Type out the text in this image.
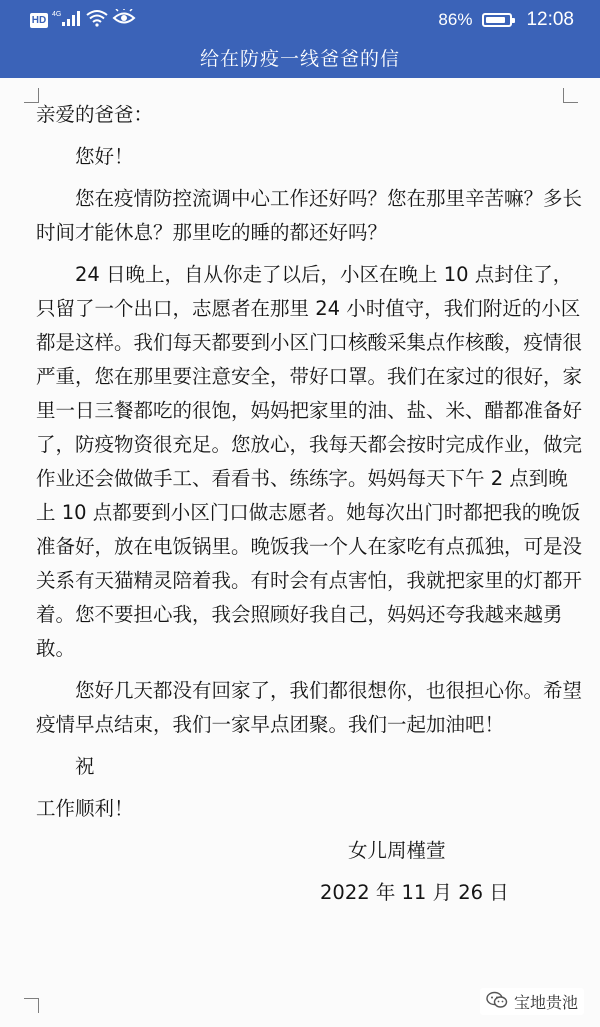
HD
4G	86%	12:08
给在防疫一线爸爸的信

亲爱的爸爸：

您好！

您在疫情防控流调中心工作还好吗？您在那里辛苦嘛？多长时间才能休息？那里吃的睡的都还好吗？

24 日晚上，自从你走了以后，小区在晚上 10 点封住了，只留了一个出口，志愿者在那里 24 小时值守，我们附近的小区都是这样。我们每天都要到小区门口核酸采集点作核酸，疫情很严重，您在那里要注意安全，带好口罩。我们在家过的很好，家里一日三餐都吃的很饱，妈妈把家里的油、盐、米、醋都准备好了，防疫物资很充足。您放心，我每天都会按时完成作业，做完作业还会做做手工、看看书、练练字。妈妈每天下午 2 点到晚上 10 点都要到小区门口做志愿者。她每次出门时都把我的晚饭准备好，放在电饭锅里。晚饭我一个人在家吃有点孤独，可是没关系有天猫精灵陪着我。有时会有点害怕，我就把家里的灯都开着。您不要担心我，我会照顾好我自己，妈妈还夸我越来越勇敢。

您好几天都没有回家了，我们都很想你，也很担心你。希望疫情早点结束，我们一家早点团聚。我们一起加油吧！

祝

工作顺利！

女儿周槿萱

2022 年 11 月 26 日

宝地贵池
